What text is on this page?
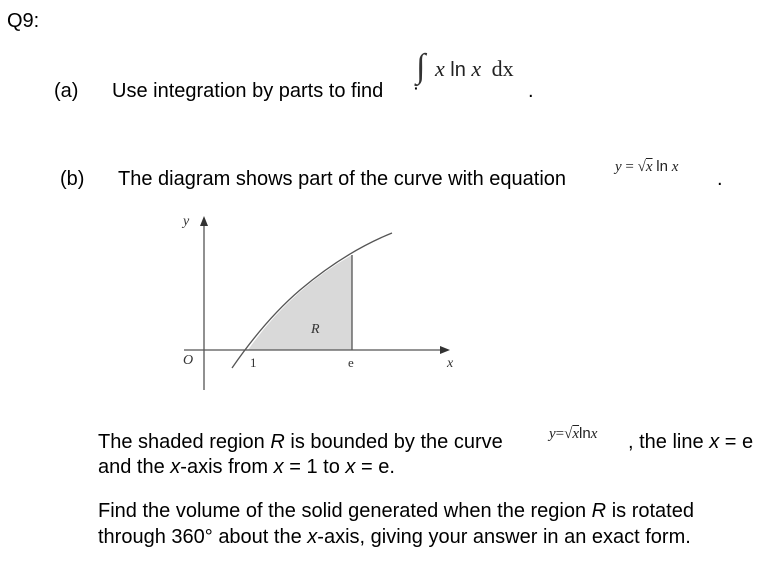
Q9:
(a) Use integration by parts to find
∫ x ln x dx
·	.
(b) The diagram shows part of the curve with equation
y = √x ln x
.
y
x
O	1	e
R
The shaded region R is bounded by the curve	y=√xlnx , the line x = e
and the x-axis from x = 1 to x = e.
Find the volume of the solid generated when the region R is rotated
through 360° about the x-axis, giving your answer in an exact form.
